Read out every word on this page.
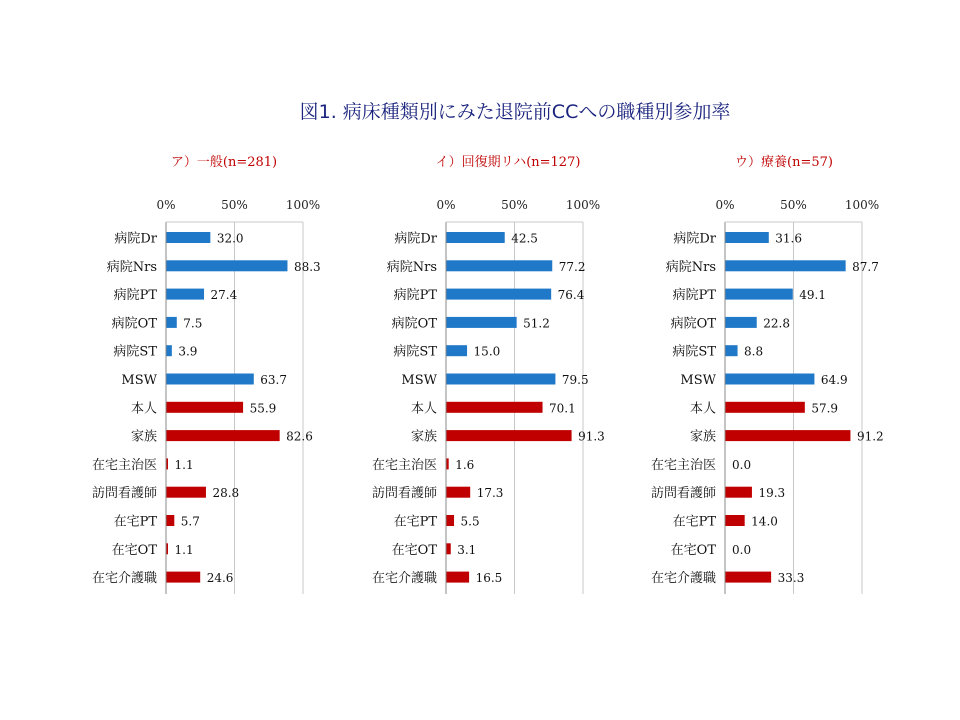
図1. 病床種類別にみた退院前CCへの職種別参加率
ア）一般(n=281)
0%	50%	100%
病院Dr	32.0
病院Nrs	88.3
病院PT	27.4
病院OT 7.5
病院ST 3.9
MSW	63.7
本人	55.9
家族	82.6
在宅主治医 1.1
訪問看護師	28.8
在宅PT 5.7
在宅OT 1.1
在宅介護職	24.6
イ）回復期リハ(n=127)
0%	50%	100%
病院Dr	42.5
病院Nrs	77.2
病院PT	76.4
病院OT	51.2
病院ST	15.0
MSW	79.5
本人	70.1
家族	91.3
在宅主治医 1.6
訪問看護師	17.3
在宅PT 5.5
在宅OT 3.1
在宅介護職	16.5
ウ）療養(n=57)
0%	50%	100%
病院Dr	31.6
病院Nrs	87.7
病院PT	49.1
病院OT	22.8
病院ST 8.8
MSW	64.9
本人	57.9
家族	91.2
在宅主治医 0.0
訪問看護師	19.3
在宅PT	14.0
在宅OT 0.0
在宅介護職	33.3
